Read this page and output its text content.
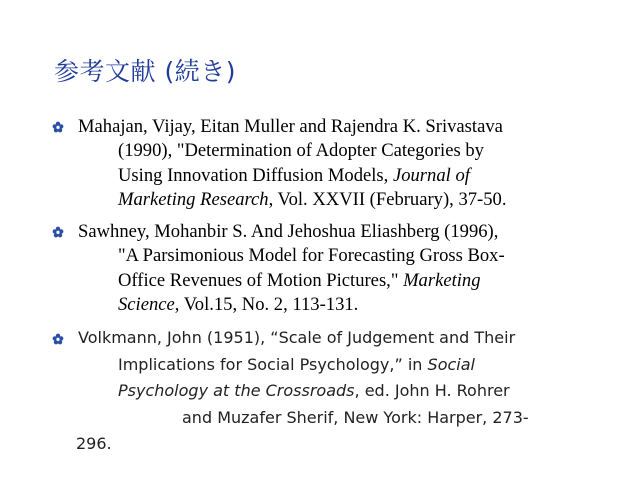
参考文献 (続き)
Mahajan, Vijay, Eitan Muller and Rajendra K. Srivastava
(1990), "Determination of Adopter Categories by
Using Innovation Diffusion Models, Journal of
Marketing Research, Vol. XXVII (February), 37-50.
Sawhney, Mohanbir S. And Jehoshua Eliashberg (1996),
"A Parsimonious Model for Forecasting Gross Box-
Office Revenues of Motion Pictures," Marketing
Science, Vol.15, No. 2, 113-131.
Volkmann, John (1951), “Scale of Judgement and Their
Implications for Social Psychology,” in Social
Psychology at the Crossroads, ed. John H. Rohrer
and Muzafer Sherif, New York: Harper, 273-
296.
